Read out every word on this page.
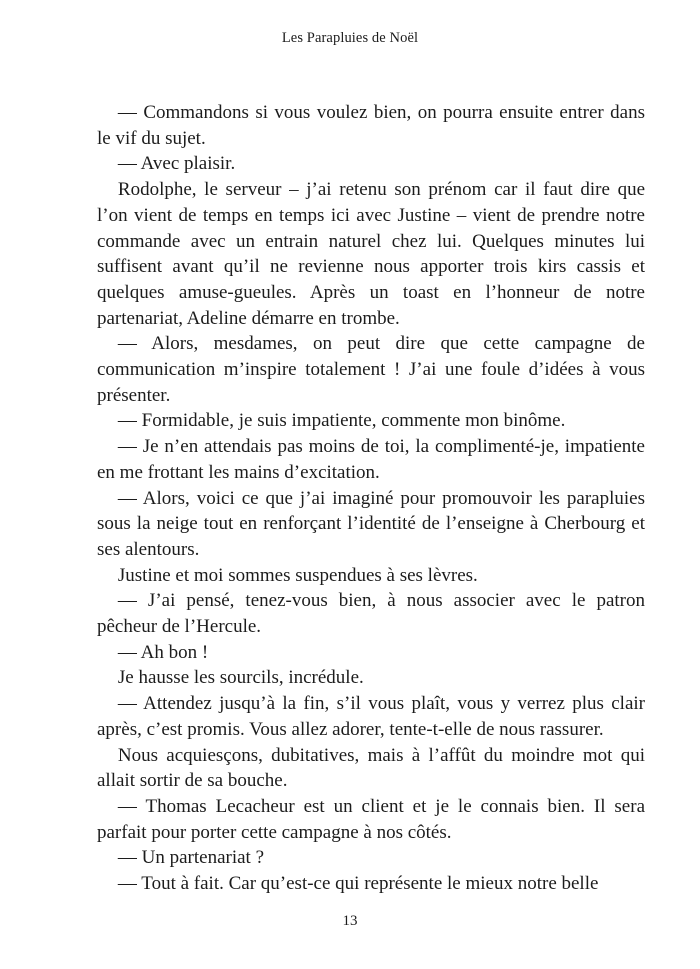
Les Parapluies de Noël

— Commandons si vous voulez bien, on pourra ensuite entrer dans le vif du sujet.

— Avec plaisir.

Rodolphe, le serveur – j’ai retenu son prénom car il faut dire que l’on vient de temps en temps ici avec Justine – vient de prendre notre commande avec un entrain naturel chez lui. Quelques minutes lui suffisent avant qu’il ne revienne nous apporter trois kirs cassis et quelques amuse-gueules. Après un toast en l’honneur de notre partenariat, Adeline démarre en trombe.

— Alors, mesdames, on peut dire que cette campagne de communication m’inspire totalement ! J’ai une foule d’idées à vous présenter.

— Formidable, je suis impatiente, commente mon binôme.

— Je n’en attendais pas moins de toi, la complimenté-je, impatiente en me frottant les mains d’excitation.

— Alors, voici ce que j’ai imaginé pour promouvoir les parapluies sous la neige tout en renforçant l’identité de l’enseigne à Cherbourg et ses alentours.

Justine et moi sommes suspendues à ses lèvres.

— J’ai pensé, tenez-vous bien, à nous associer avec le patron pêcheur de l’Hercule.

— Ah bon !

Je hausse les sourcils, incrédule.

— Attendez jusqu’à la fin, s’il vous plaît, vous y verrez plus clair après, c’est promis. Vous allez adorer, tente-t-elle de nous rassurer.

Nous acquiesçons, dubitatives, mais à l’affût du moindre mot qui allait sortir de sa bouche.

— Thomas Lecacheur est un client et je le connais bien. Il sera parfait pour porter cette campagne à nos côtés.

— Un partenariat ?

— Tout à fait. Car qu’est-ce qui représente le mieux notre belle

13
